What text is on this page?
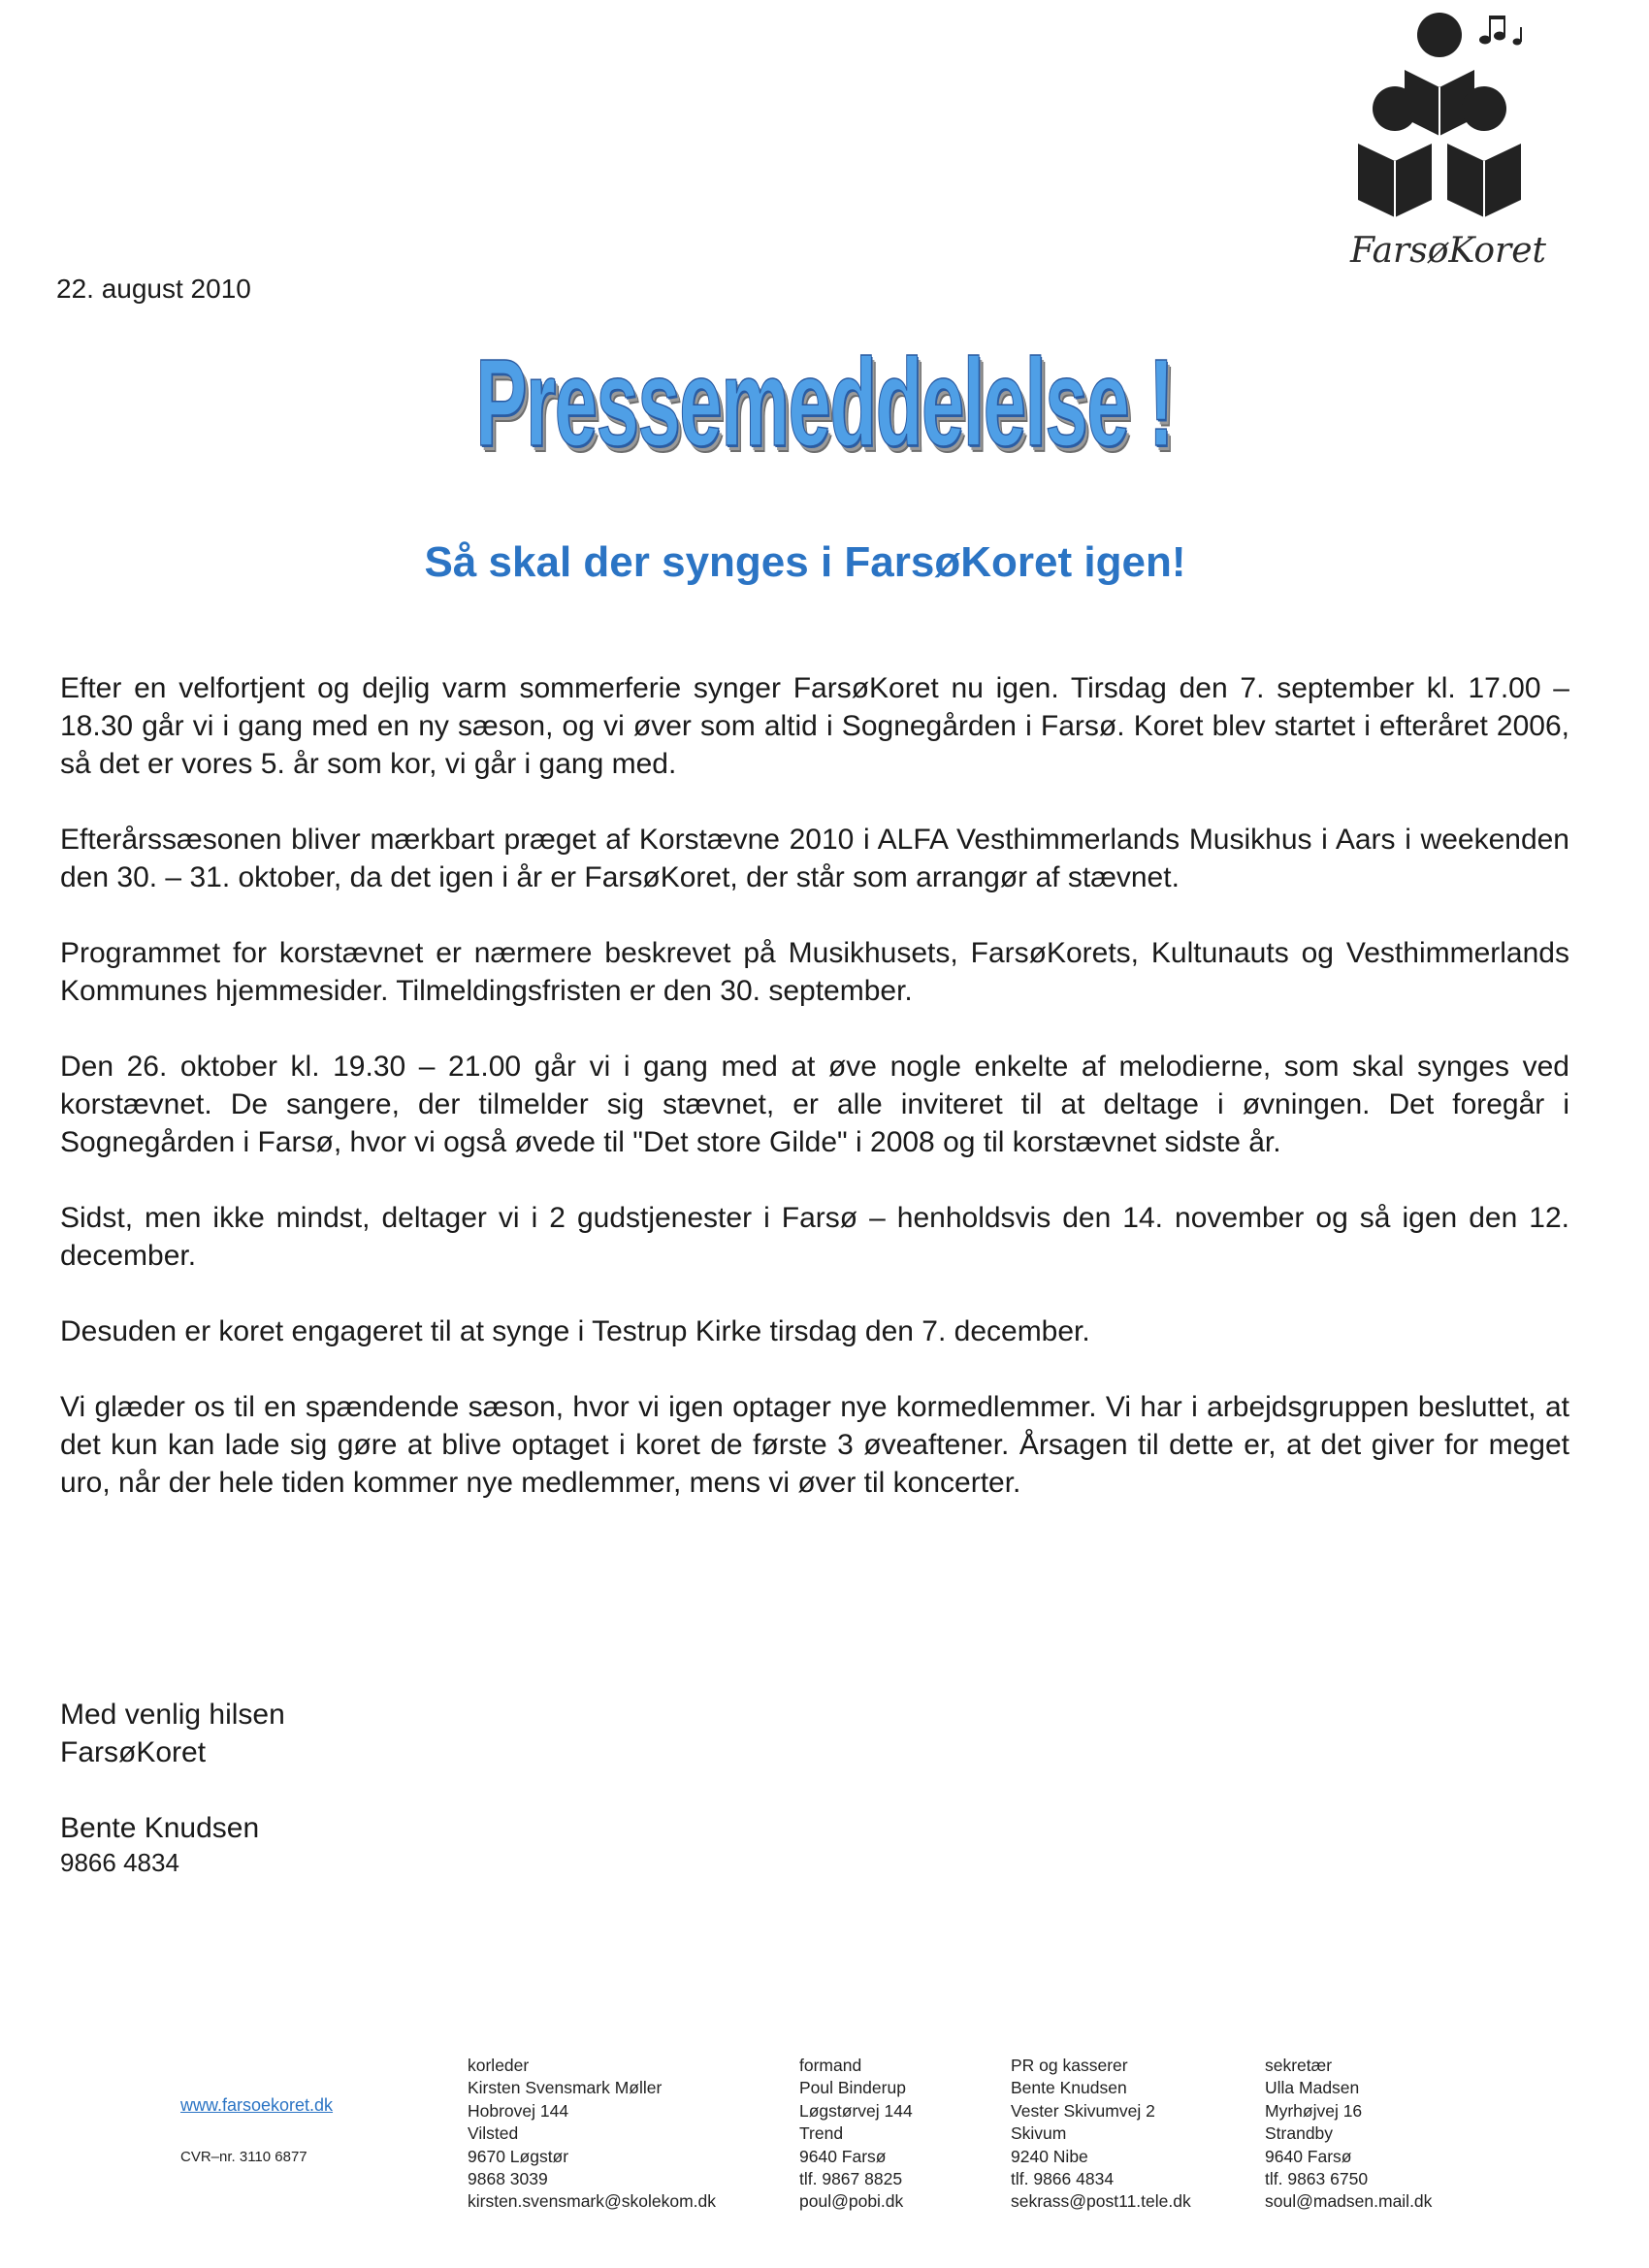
FarsøKoret
22. august 2010
Pressemeddelelse !
Så skal der synges i FarsøKoret igen!

Efter en velfortjent og dejlig varm sommerferie synger FarsøKoret nu igen. Tirsdag den 7. september kl. 17.00 – 18.30 går vi i gang med en ny sæson, og vi øver som altid i Sognegården i Farsø. Koret blev startet i efteråret 2006, så det er vores 5. år som kor, vi går i gang med.

Efterårssæsonen bliver mærkbart præget af Korstævne 2010 i ALFA Vesthimmerlands Musikhus i Aars i weekenden den 30. – 31. oktober, da det igen i år er FarsøKoret, der står som arrangør af stævnet.

Programmet for korstævnet er nærmere beskrevet på Musikhusets, FarsøKorets, Kultunauts og Vesthimmerlands Kommunes hjemmesider. Tilmeldingsfristen er den 30. september.

Den 26. oktober kl. 19.30 – 21.00 går vi i gang med at øve nogle enkelte af melodierne, som skal synges ved korstævnet. De sangere, der tilmelder sig stævnet, er alle inviteret til at deltage i øvningen. Det foregår i Sognegården i Farsø, hvor vi også øvede til "Det store Gilde" i 2008 og til korstævnet sidste år.

Sidst, men ikke mindst, deltager vi i 2 gudstjenester i Farsø – henholdsvis den 14. november og så igen den 12. december.

Desuden er koret engageret til at synge i Testrup Kirke tirsdag den 7. december.

Vi glæder os til en spændende sæson, hvor vi igen optager nye kormedlemmer. Vi har i arbejdsgruppen besluttet, at det kun kan lade sig gøre at blive optaget i koret de første 3 øveaftener. Årsagen til dette er, at det giver for meget uro, når der hele tiden kommer nye medlemmer, mens vi øver til koncerter.

Med venlig hilsen
FarsøKoret
Bente Knudsen
9866 4834
www.farsoekoret.dk
CVR–nr. 3110 6877
korleder
Kirsten Svensmark Møller
Hobrovej 144
Vilsted
9670 Løgstør
9868 3039
kirsten.svensmark@skolekom.dk
formand
Poul Binderup
Løgstørvej 144
Trend
9640 Farsø
tlf. 9867 8825
poul@pobi.dk
PR og kasserer
Bente Knudsen
Vester Skivumvej 2
Skivum
9240 Nibe
tlf. 9866 4834
sekrass@post11.tele.dk
sekretær
Ulla Madsen
Myrhøjvej 16
Strandby
9640 Farsø
tlf. 9863 6750
soul@madsen.mail.dk
